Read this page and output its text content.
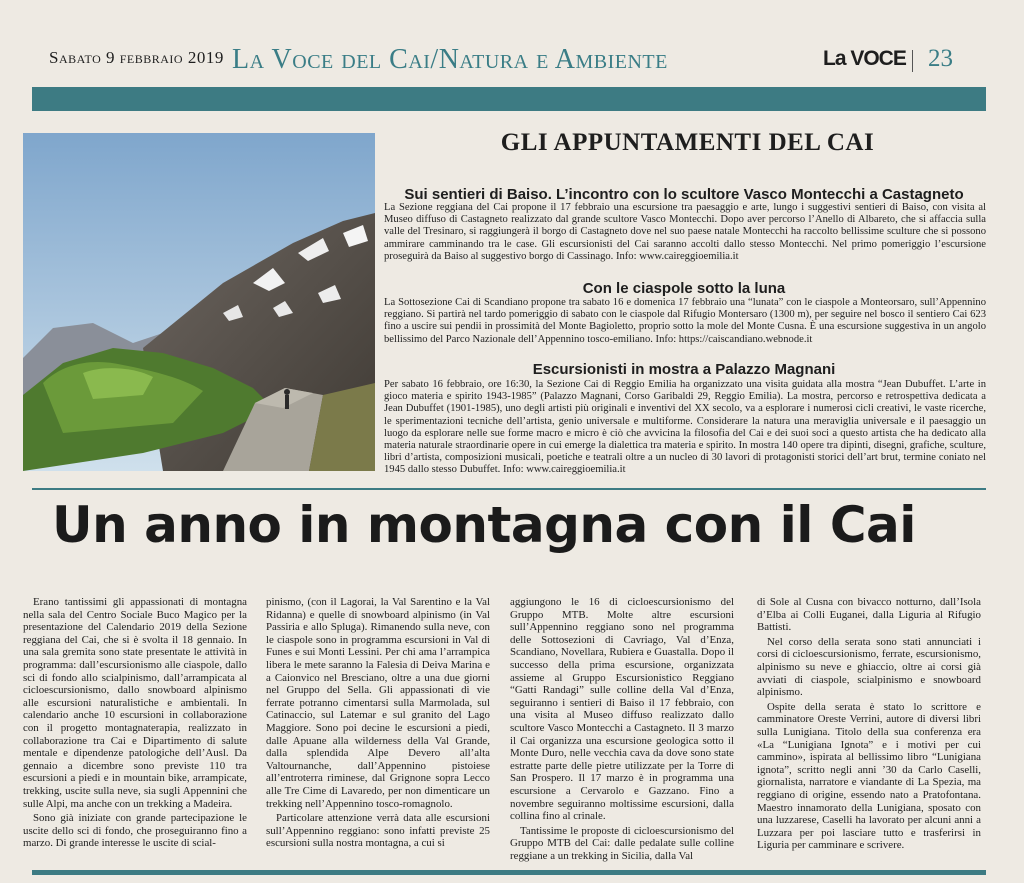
Sabato 9 febbraio 2019 La Voce del Cai/Natura e Ambiente	La VOCE 23
GLI APPUNTAMENTI DEL CAI
Sui sentieri di Baiso. L’incontro con lo scultore Vasco Montecchi a Castagneto

La Sezione reggiana del Cai propone il 17 febbraio una escursione tra paesaggio e arte, lungo i suggestivi sentieri di Baiso, con visita al Museo diffuso di Castagneto realizzato dal grande scultore Vasco Montecchi. Dopo aver percorso l’Anello di Albareto, che si affaccia sulla valle del Tresinaro, si raggiungerà il borgo di Castagneto dove nel suo paese natale Montecchi ha raccolto bellissime sculture che si possono ammirare camminando tra le case. Gli escursionisti del Cai saranno accolti dallo stesso Montecchi. Nel primo pomeriggio l’escursione proseguirà da Baiso al suggestivo borgo di Cassinago. Info: www.caireggioemilia.it

Con le ciaspole sotto la luna

La Sottosezione Cai di Scandiano propone tra sabato 16 e domenica 17 febbraio una “lunata” con le ciaspole a Monteorsaro, sull’Appennino reggiano. Si partirà nel tardo pomeriggio di sabato con le ciaspole dal Rifugio Montersaro (1300 m), per seguire nel bosco il sentiero Cai 623 fino a uscire sui pendii in prossimità del Monte Bagioletto, proprio sotto la mole del Monte Cusna. È una escursione suggestiva in un angolo bellissimo del Parco Nazionale dell’Appennino tosco-emiliano. Info: https://caiscandiano.webnode.it

Escursionisti in mostra a Palazzo Magnani

Per sabato 16 febbraio, ore 16:30, la Sezione Cai di Reggio Emilia ha organizzato una visita guidata alla mostra “Jean Dubuffet. L’arte in gioco materia e spirito 1943-1985” (Palazzo Magnani, Corso Garibaldi 29, Reggio Emilia). La mostra, percorso e retrospettiva dedicata a Jean Dubuffet (1901-1985), uno degli artisti più originali e inventivi del XX secolo, va a esplorare i numerosi cicli creativi, le vaste ricerche, le sperimentazioni tecniche dell’artista, genio universale e multiforme. Considerare la natura una meraviglia universale e il paesaggio un luogo da esplorare nelle sue forme macro e micro è ciò che avvicina la filosofia del Cai e dei suoi soci a questo artista che ha dedicato alla materia naturale straordinarie opere in cui emerge la dialettica tra materia e spirito. In mostra 140 opere tra dipinti, disegni, grafiche, sculture, libri d’artista, composizioni musicali, poetiche e teatrali oltre a un nucleo di 30 lavori di protagonisti storici dell’art brut, termine coniato nel 1945 dallo stesso Dubuffet. Info: www.caireggioemilia.it

Un anno in montagna con il Cai

Erano tantissimi gli appassionati di montagna nella sala del Centro Sociale Buco Magico per la presentazione del Calendario 2019 della Sezione reggiana del Cai, che si è svolta il 18 gennaio. In una sala gremita sono state presentate le attività in programma: dall’escursionismo alle ciaspole, dallo sci di fondo allo scialpinismo, dall’arrampicata al cicloescursionismo, dallo snowboard alpinismo alle escursioni naturalistiche e ambientali. In calendario anche 10 escursioni in collaborazione con il progetto montagnaterapia, realizzato in collaborazione tra Cai e Dipartimento di salute mentale e dipendenze patologiche dell’Ausl. Da gennaio a dicembre sono previste 110 tra escursioni a piedi e in mountain bike, arrampicate, trekking, uscite sulla neve, sia sugli Appennini che sulle Alpi, ma anche con un trekking a Madeira.

Sono già iniziate con grande partecipazione le uscite dello sci di fondo, che proseguiranno fino a marzo. Di grande interesse le uscite di scial-

pinismo, (con il Lagorai, la Val Sarentino e la Val Ridanna) e quelle di snowboard alpinismo (in Val Passiria e allo Spluga). Rimanendo sulla neve, con le ciaspole sono in programma escursioni in Val di Funes e sui Monti Lessini. Per chi ama l’arrampica libera le mete saranno la Falesia di Deiva Marina e a Caionvico nel Bresciano, oltre a una due giorni nel Gruppo del Sella. Gli appassionati di vie ferrate potranno cimentarsi sulla Marmolada, sul Catinaccio, sul Latemar e sul granito del Lago Maggiore. Sono poi decine le escursioni a piedi, dalle Apuane alla wilderness della Val Grande, dalla splendida Alpe Devero all’alta Valtournanche, dall’Appennino pistoiese all’entroterra riminese, dal Grignone sopra Lecco alle Tre Cime di Lavaredo, per non dimenticare un trekking nell’Appennino tosco-romagnolo.

Particolare attenzione verrà data alle escursioni sull’Appennino reggiano: sono infatti previste 25 escursioni sulla nostra montagna, a cui si

aggiungono le 16 di cicloescursionismo del Gruppo MTB. Molte altre escursioni sull’Appennino reggiano sono nel programma delle Sottosezioni di Cavriago, Val d’Enza, Scandiano, Novellara, Rubiera e Guastalla. Dopo il successo della prima escursione, organizzata assieme al Gruppo Escursionistico Reggiano “Gatti Randagi” sulle colline della Val d’Enza, seguiranno i sentieri di Baiso il 17 febbraio, con una visita al Museo diffuso realizzato dallo scultore Vasco Montecchi a Castagneto. Il 3 marzo il Cai organizza una escursione geologica sotto il Monte Duro, nelle vecchia cava da dove sono state estratte parte delle pietre utilizzate per la Torre di San Prospero. Il 17 marzo è in programma una escursione a Cervarolo e Gazzano. Fino a novembre seguiranno moltissime escursioni, dalla collina fino al crinale.

Tantissime le proposte di cicloescursionismo del Gruppo MTB del Cai: dalle pedalate sulle colline reggiane a un trekking in Sicilia, dalla Val

di Sole al Cusna con bivacco notturno, dall’Isola d’Elba ai Colli Euganei, dalla Liguria al Rifugio Battisti.

Nel corso della serata sono stati annunciati i corsi di cicloescursionismo, ferrate, escursionismo, alpinismo su neve e ghiaccio, oltre ai corsi già avviati di ciaspole, scialpinismo e snowboard alpinismo.

Ospite della serata è stato lo scrittore e camminatore Oreste Verrini, autore di diversi libri sulla Lunigiana. Titolo della sua conferenza era «La “Lunigiana Ignota” e i motivi per cui cammino», ispirata al bellissimo libro “Lunigiana ignota”, scritto negli anni ’30 da Carlo Caselli, giornalista, narratore e viandante di La Spezia, ma reggiano di origine, essendo nato a Pratofontana. Maestro innamorato della Lunigiana, sposato con una luzzarese, Caselli ha lavorato per alcuni anni a Luzzara per poi lasciare tutto e trasferirsi in Liguria per camminare e scrivere.
